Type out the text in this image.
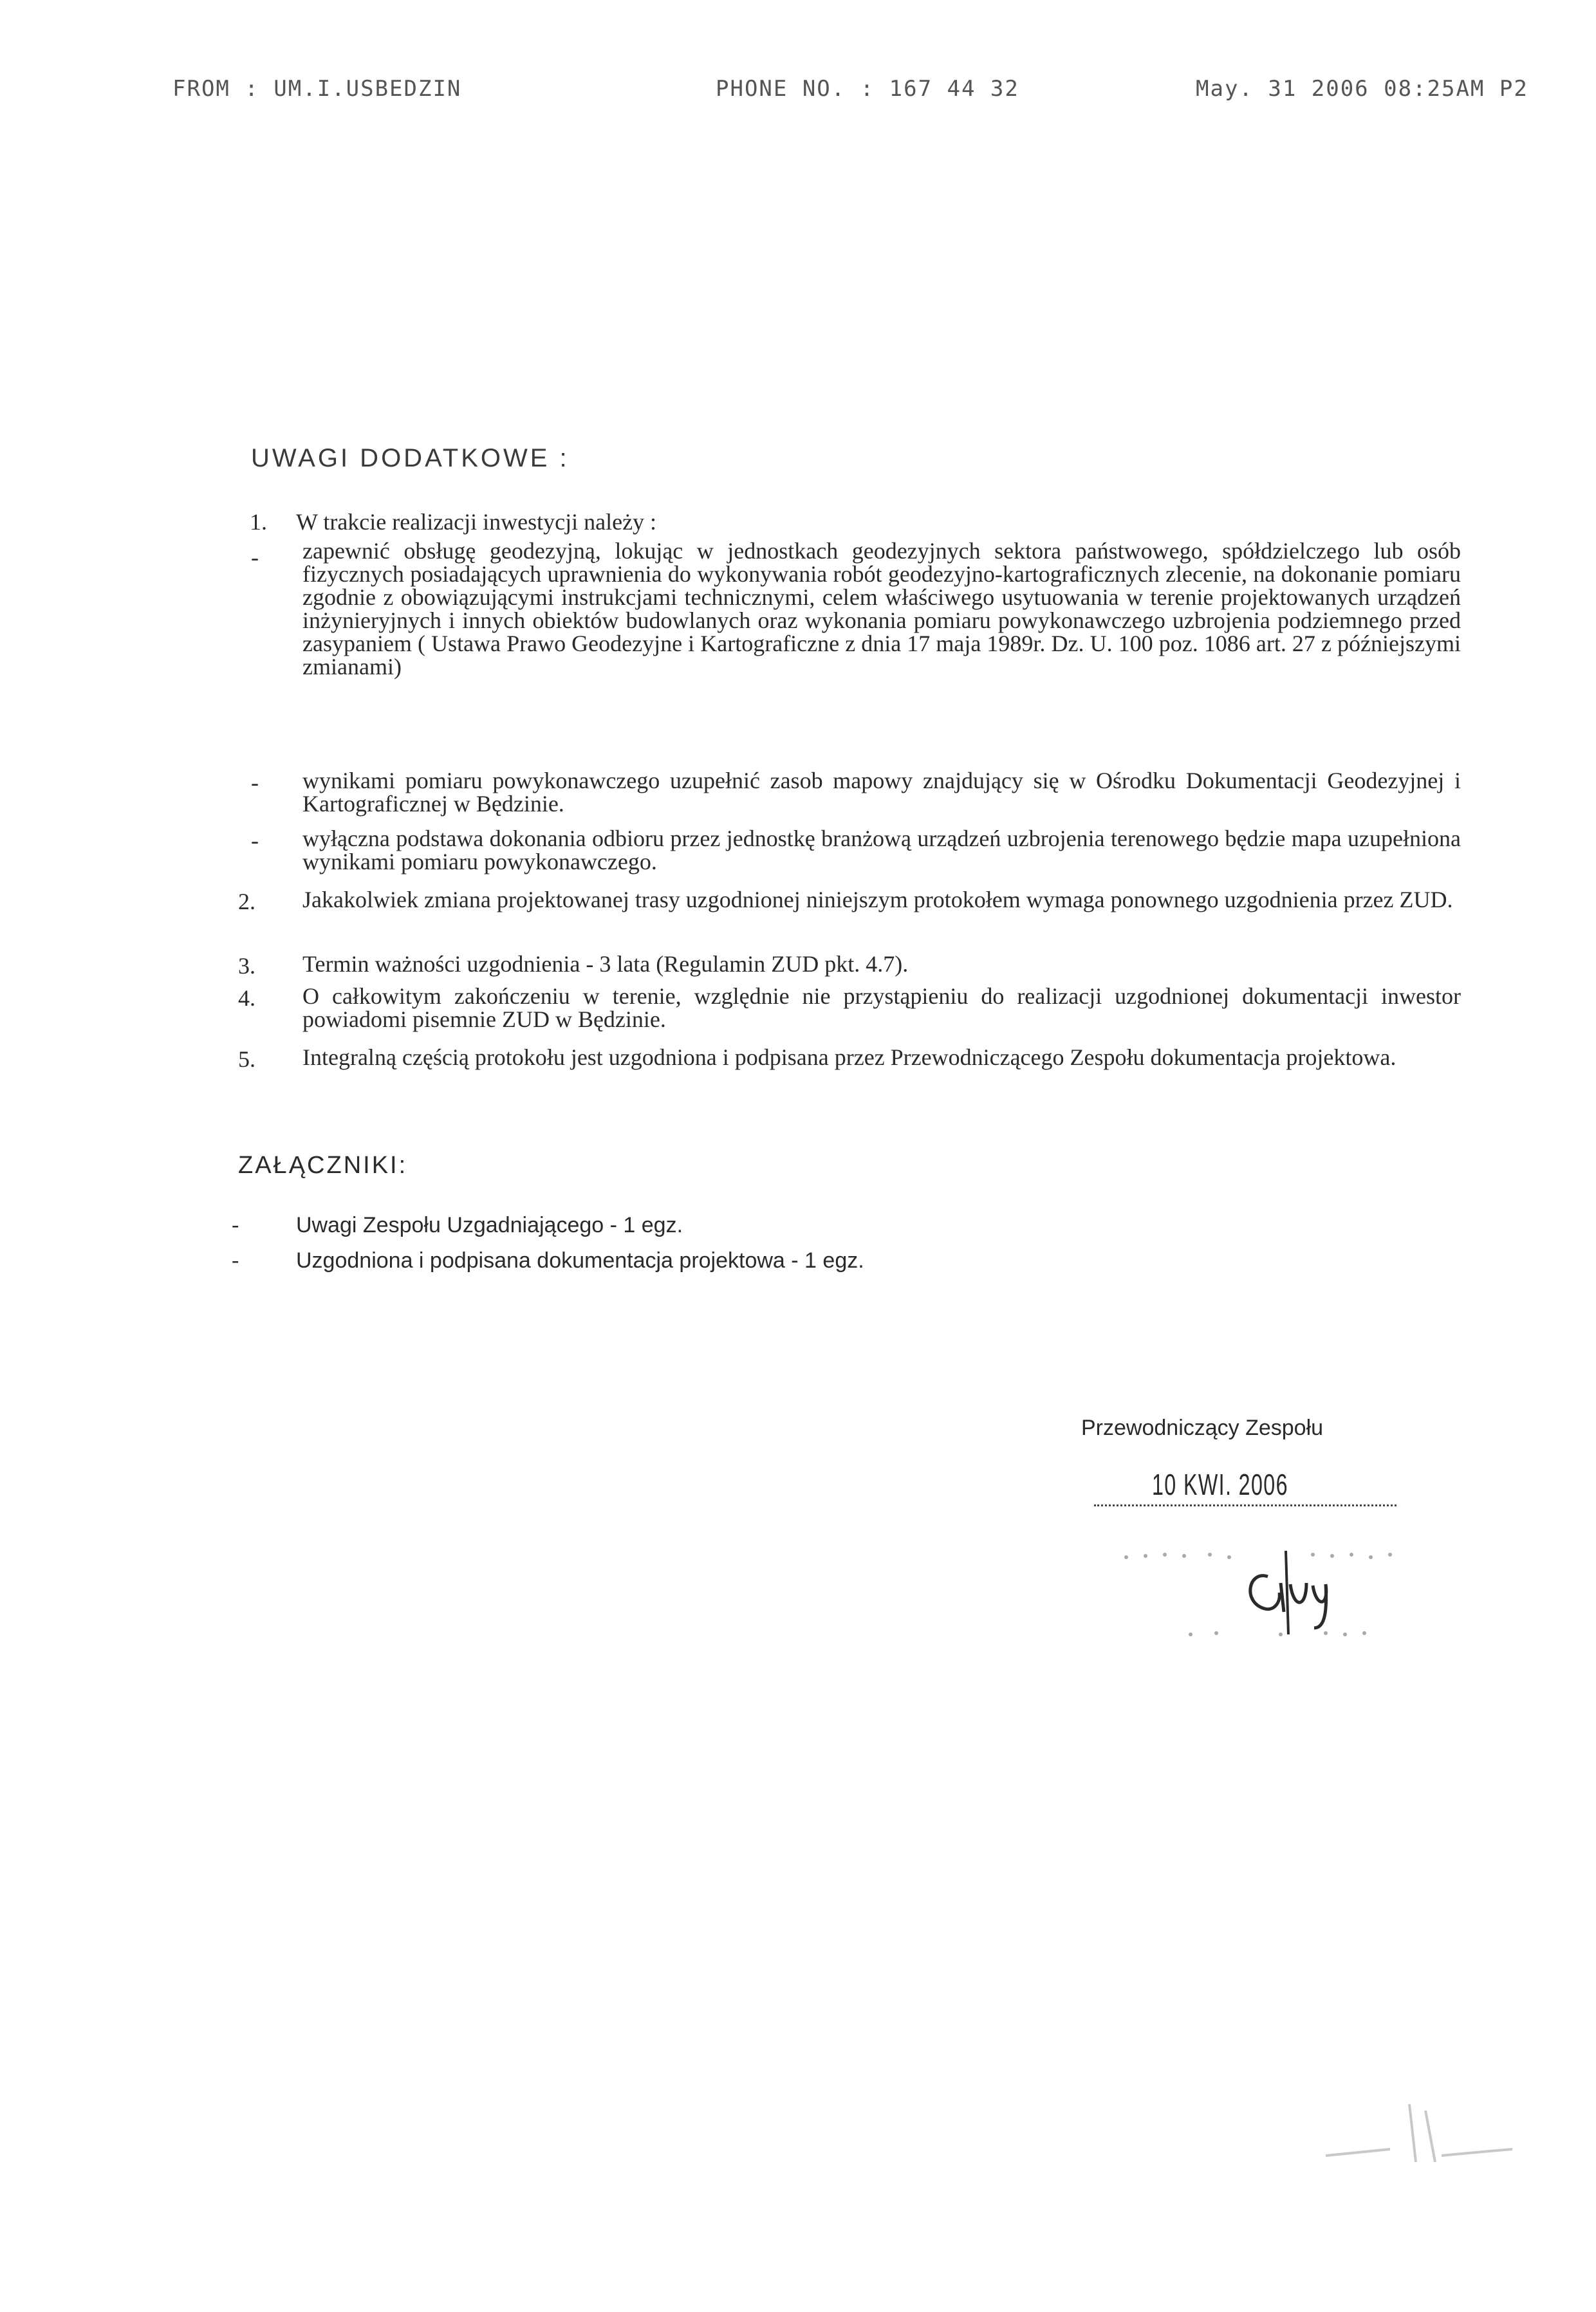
FROM : UM.I.USBEDZIN	PHONE NO. : 167 44 32	May. 31 2006 08:25AM P2
UWAGI DODATKOWE :
1. W trakcie realizacji inwestycji należy :
- zapewnić obsługę geodezyjną, lokując w jednostkach geodezyjnych sektora państwowego, spółdzielczego lub osób fizycznych posiadających uprawnienia do wykonywania robót geodezyjno-kartograficznych zlecenie, na dokonanie pomiaru zgodnie z obowiązującymi instrukcjami technicznymi, celem właściwego usytuowania w terenie projektowanych urządzeń inżynieryjnych i innych obiektów budowlanych oraz wykonania pomiaru powykonawczego uzbrojenia podziemnego przed zasypaniem ( Ustawa Prawo Geodezyjne i Kartograficzne z dnia 17 maja 1989r. Dz. U. 100 poz. 1086 art. 27 z późniejszymi zmianami)
- wynikami pomiaru powykonawczego uzupełnić zasob mapowy znajdujący się w Ośrodku Dokumentacji Geodezyjnej i Kartograficznej w Będzinie.
- wyłączna podstawa dokonania odbioru przez jednostkę branżową urządzeń uzbrojenia terenowego będzie mapa uzupełniona wynikami pomiaru powykonawczego.
2. Jakakolwiek zmiana projektowanej trasy uzgodnionej niniejszym protokołem wymaga ponownego uzgodnienia przez ZUD.
3. Termin ważności uzgodnienia - 3 lata (Regulamin ZUD pkt. 4.7).
4. O całkowitym zakończeniu w terenie, względnie nie przystąpieniu do realizacji uzgodnionej dokumentacji inwestor powiadomi pisemnie ZUD w Będzinie.
5. Integralną częścią protokołu jest uzgodniona i podpisana przez Przewodniczącego Zespołu dokumentacja projektowa.
ZAŁĄCZNIKI:
-	Uwagi Zespołu Uzgadniającego - 1 egz.
-	Uzgodniona i podpisana dokumentacja projektowa - 1 egz.
Przewodniczący Zespołu
10 KWI. 2006
